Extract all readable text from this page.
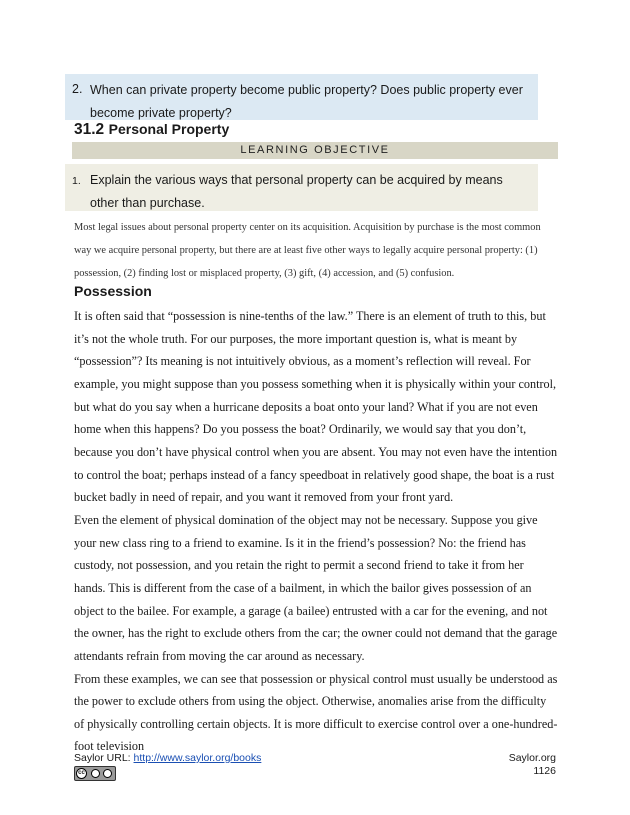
2. When can private property become public property? Does public property ever become private property?
31.2 Personal Property
LEARNING OBJECTIVE
1. Explain the various ways that personal property can be acquired by means other than purchase.
Most legal issues about personal property center on its acquisition. Acquisition by purchase is the most common way we acquire personal property, but there are at least five other ways to legally acquire personal property: (1) possession, (2) finding lost or misplaced property, (3) gift, (4) accession, and (5) confusion.
Possession

It is often said that “possession is nine-tenths of the law.” There is an element of truth to this, but it’s not the whole truth. For our purposes, the more important question is, what is meant by “possession”? Its meaning is not intuitively obvious, as a moment’s reflection will reveal. For example, you might suppose than you possess something when it is physically within your control, but what do you say when a hurricane deposits a boat onto your land? What if you are not even home when this happens? Do you possess the boat? Ordinarily, we would say that you don’t, because you don’t have physical control when you are absent. You may not even have the intention to control the boat; perhaps instead of a fancy speedboat in relatively good shape, the boat is a rust bucket badly in need of repair, and you want it removed from your front yard.

Even the element of physical domination of the object may not be necessary. Suppose you give your new class ring to a friend to examine. Is it in the friend’s possession? No: the friend has custody, not possession, and you retain the right to permit a second friend to take it from her hands. This is different from the case of a bailment, in which the bailor gives possession of an object to the bailee. For example, a garage (a bailee) entrusted with a car for the evening, and not the owner, has the right to exclude others from the car; the owner could not demand that the garage attendants refrain from moving the car around as necessary.

From these examples, we can see that possession or physical control must usually be understood as the power to exclude others from using the object. Otherwise, anomalies arise from the difficulty of physically controlling certain objects. It is more difficult to exercise control over a one-hundred-foot television

Saylor URL: http://www.saylor.org/books
cc
Saylor.org
1126
